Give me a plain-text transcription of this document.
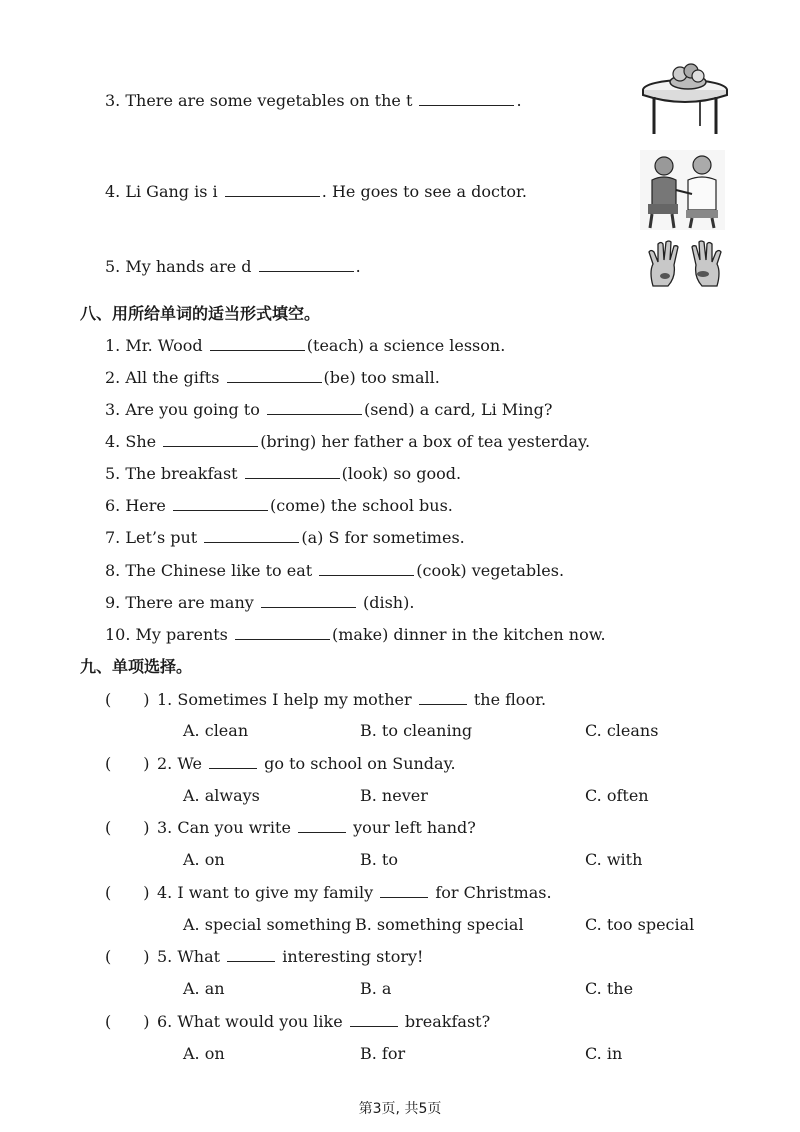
3. There are some vegetables on the t	.
4. Li Gang is i	. He goes to see a doctor.
5. My hands are d	.
八、用所给单词的适当形式填空。
1. Mr. Wood	(teach) a science lesson.
2. All the gifts	(be) too small.
3. Are you going to	(send) a card, Li Ming?
4. She	(bring) her father a box of tea yesterday.
5. The breakfast	(look) so good.
6. Here	(come) the school bus.
7. Let’s put	(a) S for sometimes.
8. The Chinese like to eat	(cook) vegetables.
9. There are many	(dish).
10. My parents	(make) dinner in the kitchen now.
九、单项选择。
(　　) 1. Sometimes I help my mother	the floor.
A. clean	B. to cleaning	C. cleans
(　　) 2. We	go to school on Sunday.
A. always	B. never	C. often
(　　) 3. Can you write	your left hand?
A. on	B. to	C. with
(　　) 4. I want to give my family	for Christmas.
A. special something B. something special	C. too special
(　　) 5. What	interesting story!
A. an	B. a	C. the
(　　) 6. What would you like	breakfast?
A. on	B. for	C. in
第3页, 共5页
